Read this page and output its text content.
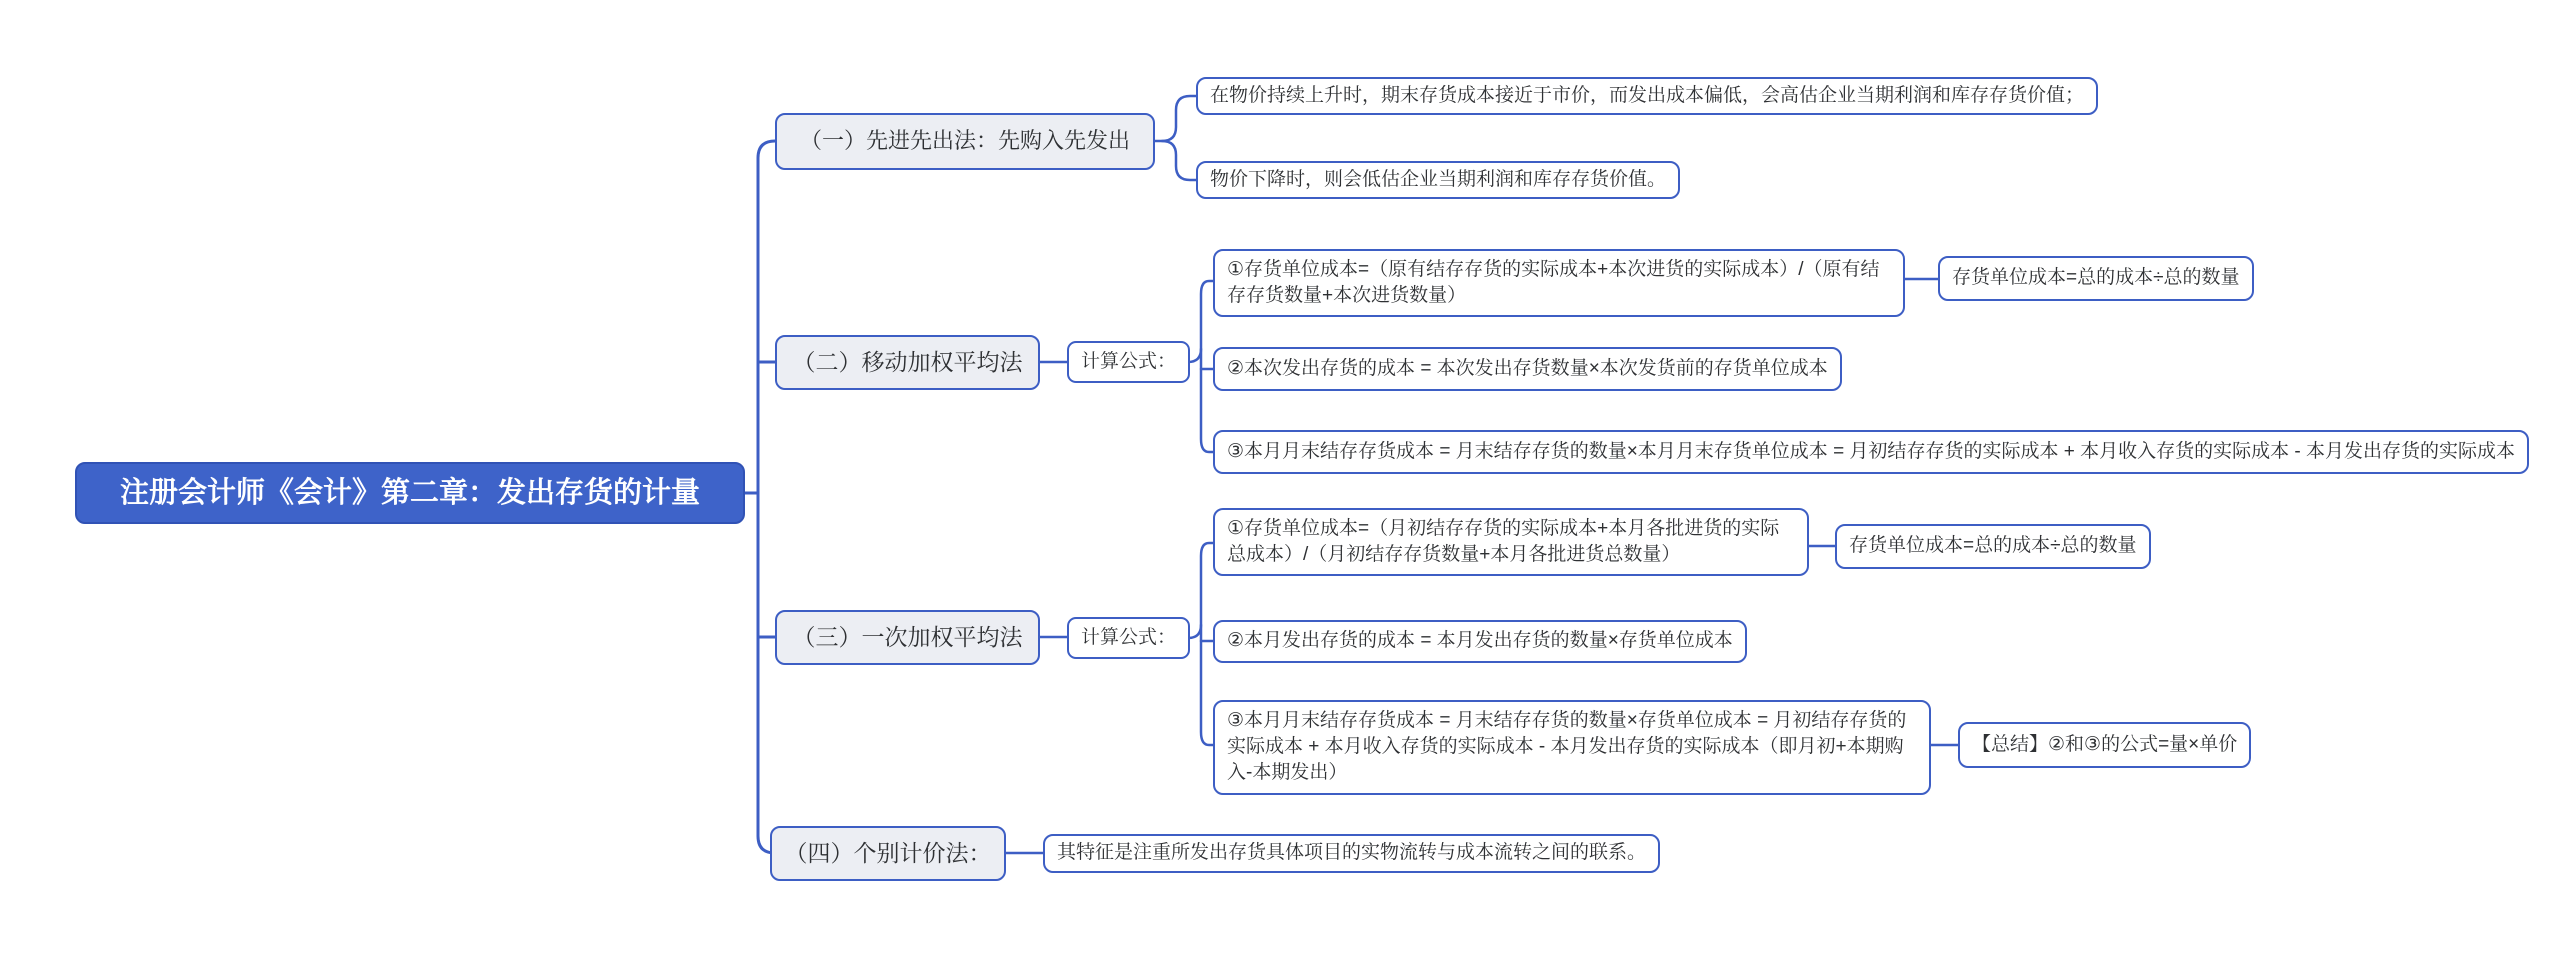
注册会计师《会计》第二章：发出存货的计量
（一）先进先出法：先购入先发出
在物价持续上升时，期末存货成本接近于市价，而发出成本偏低，会高估企业当期利润和库存存货价值；
物价下降时，则会低估企业当期利润和库存存货价值。
（二）移动加权平均法	计算公式：
①存货单位成本=（原有结存存货的实际成本+本次进货的实际成本）/（原有结存存货数量+本次进货数量）
存货单位成本=总的成本÷总的数量
②本次发出存货的成本 = 本次发出存货数量×本次发货前的存货单位成本
③本月月末结存存货成本 = 月末结存存货的数量×本月月末存货单位成本 = 月初结存存货的实际成本 + 本月收入存货的实际成本 - 本月发出存货的实际成本
（三）一次加权平均法	计算公式：
①存货单位成本=（月初结存存货的实际成本+本月各批进货的实际总成本）/（月初结存存货数量+本月各批进货总数量）	存货单位成本=总的成本÷总的数量
②本月发出存货的成本 = 本月发出存货的数量×存货单位成本
③本月月末结存存货成本 = 月末结存存货的数量×存货单位成本 = 月初结存存货的实际成本 + 本月收入存货的实际成本 - 本月发出存货的实际成本（即月初+本期购入-本期发出）
【总结】②和③的公式=量×单价
（四）个别计价法：	其特征是注重所发出存货具体项目的实物流转与成本流转之间的联系。
